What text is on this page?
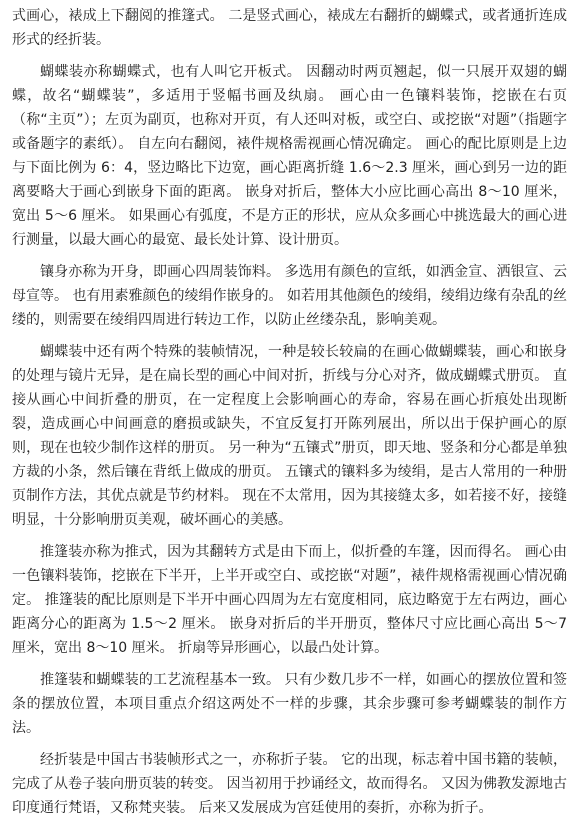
式画心，裱成上下翻阅的推篷式。 二是竖式画心，裱成左右翻折的蝴蝶式，或者通折连成形式的经折装。

蝴蝶装亦称蝴蝶式，也有人叫它开板式。 因翻动时两页翘起，似一只展开双翅的蝴蝶，故名“蝴蝶装”，多适用于竖幅书画及纨扇。 画心由一色镶料装饰，挖嵌在右页（称“主页”）；左页为副页，也称对开页，有人还叫对板，或空白、或挖嵌“对题”（指题字或备题字的素纸）。 自左向右翻阅，裱件规格需视画心情况确定。 画心的配比原则是上边与下面比例为 6：4，竖边略比下边宽，画心距离折缝 1.6～2.3 厘米，画心到另一边的距离要略大于画心到嵌身下面的距离。 嵌身对折后，整体大小应比画心高出 8～10 厘米，宽出 5～6 厘米。 如果画心有弧度，不是方正的形状，应从众多画心中挑选最大的画心进行测量，以最大画心的最宽、最长处计算、设计册页。

镶身亦称为开身，即画心四周装饰料。 多选用有颜色的宣纸，如洒金宣、洒银宣、云母宣等。 也有用素雅颜色的绫绢作嵌身的。 如若用其他颜色的绫绢，绫绢边缘有杂乱的丝缕的，则需要在绫绢四周进行转边工作，以防止丝缕杂乱，影响美观。

蝴蝶装中还有两个特殊的装帧情况，一种是较长较扁的在画心做蝴蝶装，画心和嵌身的处理与镜片无异，是在扁长型的画心中间对折，折线与分心对齐，做成蝴蝶式册页。 直接从画心中间折叠的册页，在一定程度上会影响画心的寿命，容易在画心折痕处出现断裂，造成画心中间画意的磨损或缺失，不宜反复打开陈列展出，所以出于保护画心的原则，现在也较少制作这样的册页。 另一种为“五镶式”册页，即天地、竖条和分心都是单独方裁的小条，然后镶在背纸上做成的册页。 五镶式的镶料多为绫绢，是古人常用的一种册页制作方法，其优点就是节约材料。 现在不太常用，因为其接缝太多，如若接不好，接缝明显，十分影响册页美观，破坏画心的美感。

推篷装亦称为推式，因为其翻转方式是由下而上，似折叠的车篷，因而得名。 画心由一色镶料装饰，挖嵌在下半开，上半开或空白、或挖嵌“对题”，裱件规格需视画心情况确定。 推篷装的配比原则是下半开中画心四周为左右宽度相同，底边略宽于左右两边，画心距离分心的距离为 1.5～2 厘米。 嵌身对折后的半开册页，整体尺寸应比画心高出 5～7 厘米，宽出 8～10 厘米。 折扇等异形画心，以最凸处计算。

推篷装和蝴蝶装的工艺流程基本一致。 只有少数几步不一样，如画心的摆放位置和签条的摆放位置，本项目重点介绍这两处不一样的步骤，其余步骤可参考蝴蝶装的制作方法。

经折装是中国古书装帧形式之一，亦称折子装。 它的出现，标志着中国书籍的装帧，完成了从卷子装向册页装的转变。 因当初用于抄诵经文，故而得名。 又因为佛教发源地古印度通行梵语，又称梵夹装。 后来又发展成为宫廷使用的奏折，亦称为折子。
